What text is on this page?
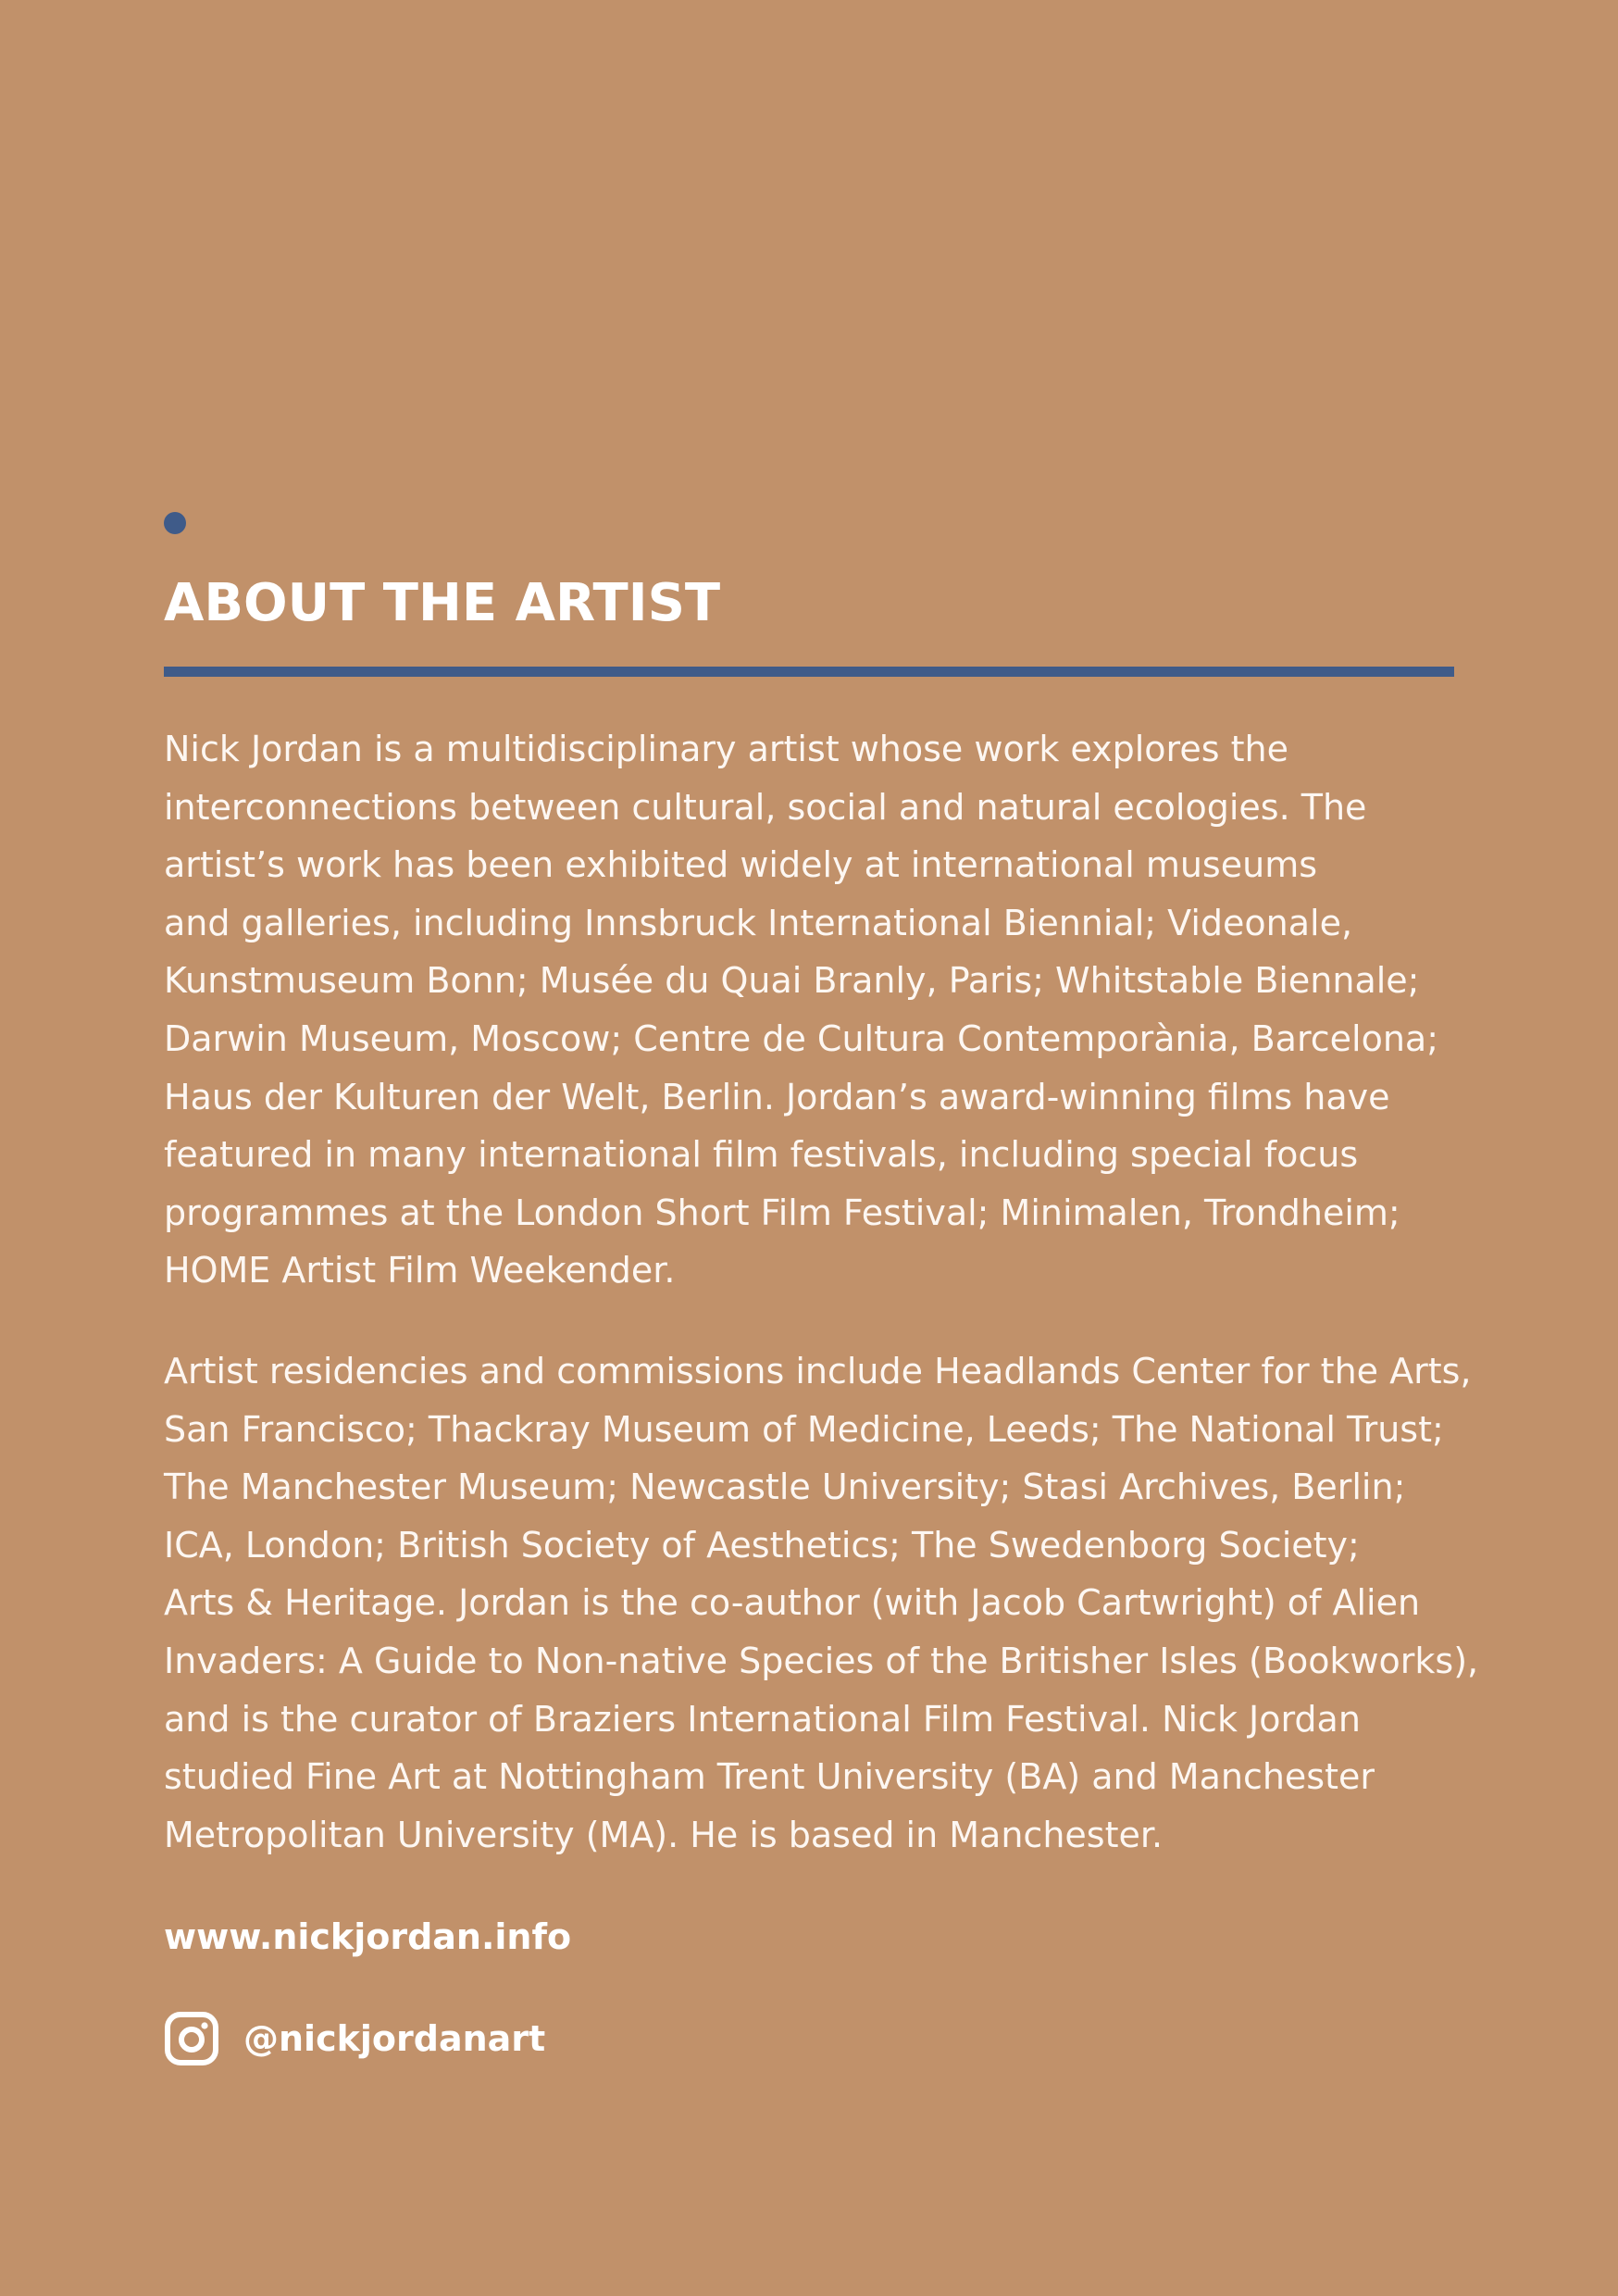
ABOUT THE ARTIST

Nick Jordan is a multidisciplinary artist whose work explores the
interconnections between cultural, social and natural ecologies. The
artist’s work has been exhibited widely at international museums
and galleries, including Innsbruck International Biennial; Videonale,
Kunstmuseum Bonn; Musée du Quai Branly, Paris; Whitstable Biennale;
Darwin Museum, Moscow; Centre de Cultura Contemporània, Barcelona;
Haus der Kulturen der Welt, Berlin. Jordan’s award-winning films have
featured in many international film festivals, including special focus
programmes at the London Short Film Festival; Minimalen, Trondheim;
HOME Artist Film Weekender.

Artist residencies and commissions include Headlands Center for the Arts,
San Francisco; Thackray Museum of Medicine, Leeds; The National Trust;
The Manchester Museum; Newcastle University; Stasi Archives, Berlin;
ICA, London; British Society of Aesthetics; The Swedenborg Society;
Arts & Heritage. Jordan is the co-author (with Jacob Cartwright) of Alien
Invaders: A Guide to Non-native Species of the Britisher Isles (Bookworks),
and is the curator of Braziers International Film Festival. Nick Jordan
studied Fine Art at Nottingham Trent University (BA) and Manchester
Metropolitan University (MA). He is based in Manchester.

www.nickjordan.info
@nickjordanart
